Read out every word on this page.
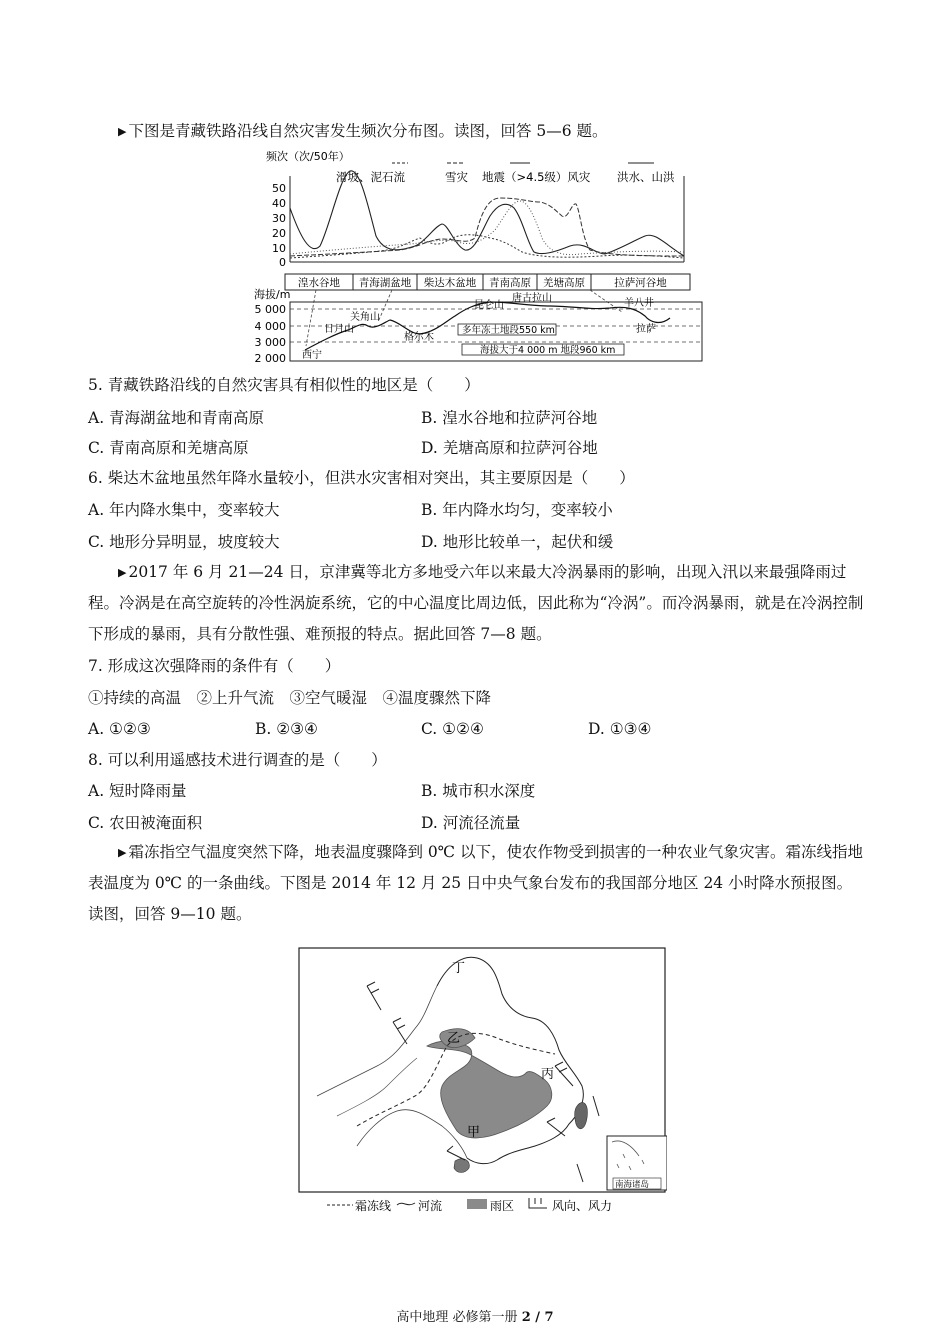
▶ 下图是青藏铁路沿线自然灾害发生频次分布图。读图，回答 5—6 题。
频次（次/50年）
50
40
30
20
10
0
滑坡、泥石流	雪灾 地震（>4.5级）风灾 洪水、山洪
湟水谷地 青海湖盆地 柴达木盆地 青南高原 羌塘高原	拉萨河谷地
海拔/m
5 000
4 000
3 000
2 000 西宁
日月山
关角山
格尔木
昆仑山
唐古拉山	羊八井
拉萨
多年冻土地段550 km
海拔大于4 000 m 地段960 km
5. 青藏铁路沿线的自然灾害具有相似性的地区是（　　）
A. 青海湖盆地和青南高原	B. 湟水谷地和拉萨河谷地
C. 青南高原和羌塘高原	D. 羌塘高原和拉萨河谷地
6. 柴达木盆地虽然年降水量较小，但洪水灾害相对突出，其主要原因是（　　）
A. 年内降水集中，变率较大	B. 年内降水均匀，变率较小
C. 地形分异明显，坡度较大	D. 地形比较单一，起伏和缓
▶ 2017 年 6 月 21—24 日，京津冀等北方多地受六年以来最大冷涡暴雨的影响，出现入汛以来最强降雨过程。冷涡是在高空旋转的冷性涡旋系统，它的中心温度比周边低，因此称为“冷涡”。而冷涡暴雨，就是在冷涡控制下形成的暴雨，具有分散性强、难预报的特点。据此回答 7—8 题。
7. 形成这次强降雨的条件有（　　）
①持续的高温　②上升气流　③空气暖湿　④温度骤然下降
A. ①②③	B. ②③④	C. ①②④	D. ①③④
8. 可以利用遥感技术进行调查的是（　　）
A. 短时降雨量	B. 城市积水深度
C. 农田被淹面积	D. 河流径流量
▶ 霜冻指空气温度突然下降，地表温度骤降到 0℃ 以下，使农作物受到损害的一种农业气象灾害。霜冻线指地表温度为 0℃ 的一条曲线。下图是 2014 年 12 月 25 日中央气象台发布的我国部分地区 24 小时降水预报图。读图，回答 9—10 题。
丁
乙
丙
甲
南海诸岛
霜冻线 河流	雨区	风向、风力
高中地理 必修第一册 2 / 7
